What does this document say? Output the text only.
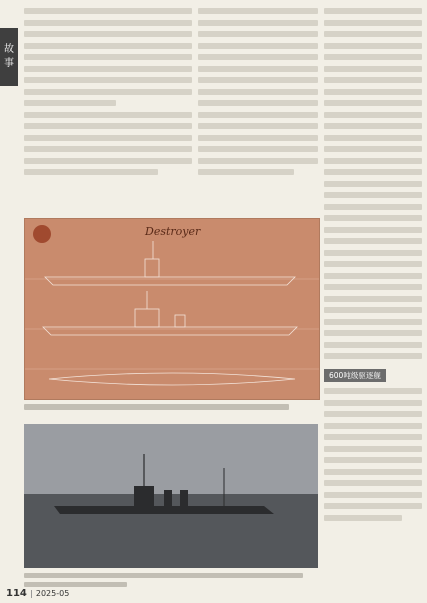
故
事
600吨级驱逐舰
Destroyer
114 2025-05
